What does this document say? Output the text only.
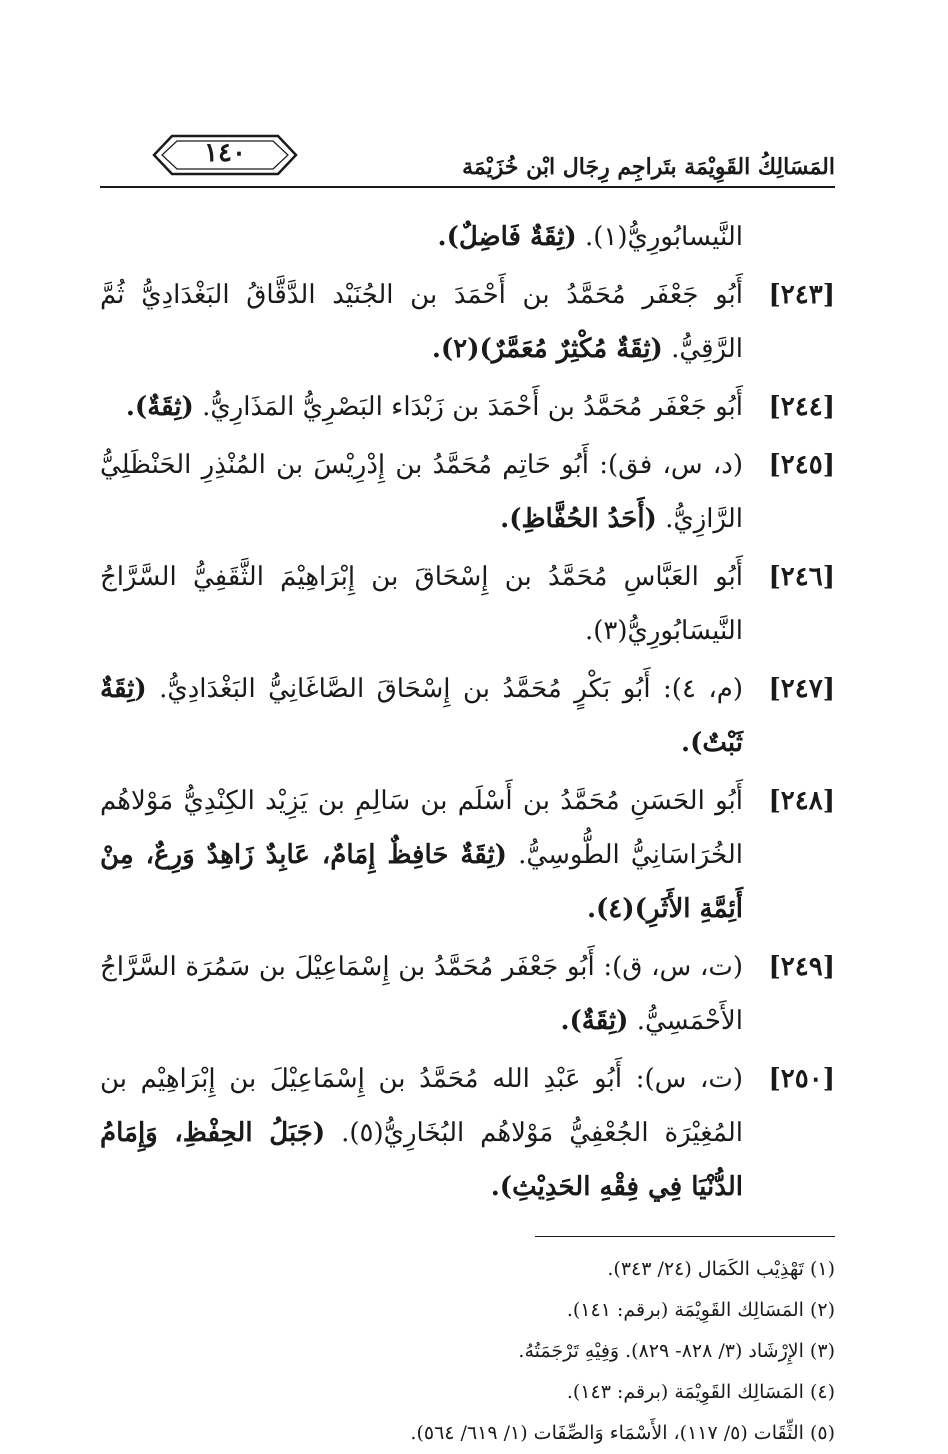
المَسَالِكُ القَوِيْمَة بتَراجِم رِجَال ابْن خُزَيْمَة
١٤٠
النَّيسابُورِيُّ(١). (ثِقَةٌ فَاضِلٌ).
[٢٤٣]
أَبُو جَعْفَر مُحَمَّدُ بن أَحْمَدَ بن الجُنَيْد الدَّقَّاقُ البَغْدَادِيُّ ثُمَّ الرَّقِيُّ. (ثِقَةٌ مُكْثِرٌ مُعَمَّرٌ)(٢).
[٢٤٤]
أَبُو جَعْفَر مُحَمَّدُ بن أَحْمَدَ بن زَبْدَاء البَصْرِيُّ المَذَارِيُّ. (ثِقَةٌ).
[٢٤٥]
(د، س، فق): أَبُو حَاتِم مُحَمَّدُ بن إِدْرِيْسَ بن المُنْذِرِ الحَنْظَلِيُّ الرَّازِيُّ. (أَحَدُ الحُفَّاظِ).
[٢٤٦]
أَبُو العَبَّاسِ مُحَمَّدُ بن إِسْحَاقَ بن إِبْرَاهِيْمَ الثَّقَفِيُّ السَّرَّاجُ النَّيسَابُورِيُّ(٣).
[٢٤٧]
(م، ٤): أَبُو بَكْرٍ مُحَمَّدُ بن إِسْحَاقَ الصَّاغَانِيُّ البَغْدَادِيُّ. (ثِقَةٌ ثَبْتٌ).
[٢٤٨]
أَبُو الحَسَنِ مُحَمَّدُ بن أَسْلَم بن سَالِمِ بن يَزِيْد الكِنْدِيُّ مَوْلاهُم الخُرَاسَانِيُّ الطُّوسِيُّ. (ثِقَةٌ حَافِظٌ إِمَامٌ، عَابِدٌ زَاهِدٌ وَرِعٌ، مِنْ أَئِمَّةِ الأَثَرِ)(٤).
[٢٤٩]
(ت، س، ق): أَبُو جَعْفَر مُحَمَّدُ بن إِسْمَاعِيْلَ بن سَمُرَة السَّرَّاجُ الأَحْمَسِيُّ. (ثِقَةٌ).
[٢٥٠]
(ت، س): أَبُو عَبْدِ الله مُحَمَّدُ بن إِسْمَاعِيْلَ بن إِبْرَاهِيْم بن المُغِيْرَة الجُعْفِيُّ مَوْلاهُم البُخَارِيُّ(٥). (جَبَلُ الحِفْظِ، وَإِمَامُ الدُّنْيَا فِي فِقْهِ الحَدِيْثِ).
(١) تَهْذِيْب الكَمَال (٢٤/ ٣٤٣).
(٢) المَسَالِك القَوِيْمَة (برقم: ١٤١).
(٣) الإِرْشَاد (٣/ ٨٢٨- ٨٢٩). وَفِيْهِ تَرْجَمَتُهُ.
(٤) المَسَالِك القَوِيْمَة (برقم: ١٤٣).
(٥) الثِّقَات (٥/ ١١٧)، الأَسْمَاء وَالصِّفَات (١/ ٦١٩/ ٥٦٤).
